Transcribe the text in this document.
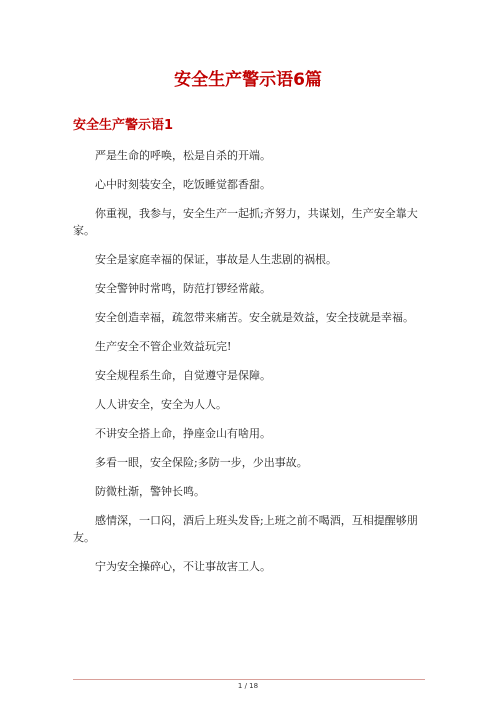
安全生产警示语6篇
安全生产警示语1

严是生命的呼唤，松是自杀的开端。

心中时刻装安全，吃饭睡觉都香甜。

你重视，我参与，安全生产一起抓;齐努力，共谋划，生产安全靠大家。

安全是家庭幸福的保证，事故是人生悲剧的祸根。

安全警钟时常鸣，防范打锣经常敲。

安全创造幸福，疏忽带来痛苦。安全就是效益，安全技就是幸福。

生产安全不管企业效益玩完!

安全规程系生命，自觉遵守是保障。

人人讲安全，安全为人人。

不讲安全搭上命，挣座金山有啥用。

多看一眼，安全保险;多防一步，少出事故。

防微杜渐，警钟长鸣。

感情深，一口闷，酒后上班头发昏;上班之前不喝酒，互相提醒够朋友。

宁为安全操碎心，不让事故害工人。

1 / 18
